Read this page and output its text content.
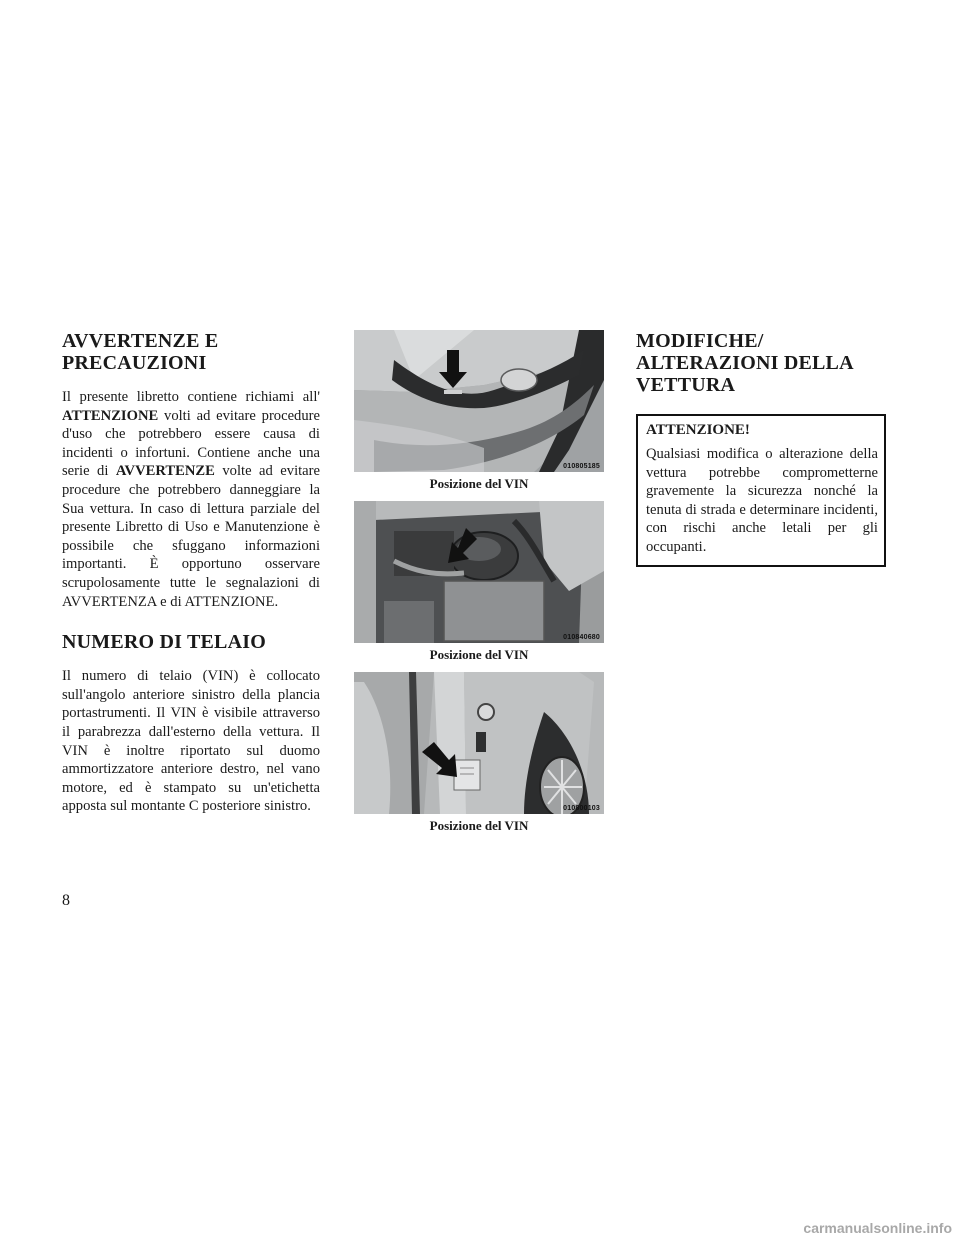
AVVERTENZE E
PRECAUZIONI

Il presente libretto contiene richiami all' ATTENZIONE volti ad evitare procedure d'uso che potrebbero essere causa di incidenti o infortuni. Contiene anche una serie di AVVERTENZE volte ad evitare procedure che potrebbero danneggiare la Sua vettura. In caso di lettura parziale del presente Libretto di Uso e Manutenzione è possibile che sfuggano informazioni importanti. È opportuno osservare scrupolosamente tutte le segnalazioni di AVVERTENZA e di ATTENZIONE.

NUMERO DI TELAIO

Il numero di telaio (VIN) è collocato sull'angolo anteriore sinistro della plancia portastrumenti. Il VIN è visibile attraverso il parabrezza dall'esterno della vettura. Il VIN è inoltre riportato sul duomo ammortizzatore anteriore destro, nel vano motore, ed è stampato su un'etichetta apposta sul montante C posteriore sinistro.

010805185
Posizione del VIN
010840680
Posizione del VIN
010800103
Posizione del VIN
MODIFICHE/
ALTERAZIONI DELLA
VETTURA
ATTENZIONE!

Qualsiasi modifica o alterazione della vettura potrebbe comprometterne gravemente la sicurezza nonché la tenuta di strada e determinare incidenti, con rischi anche letali per gli occupanti.

8
carmanualsonline.info
